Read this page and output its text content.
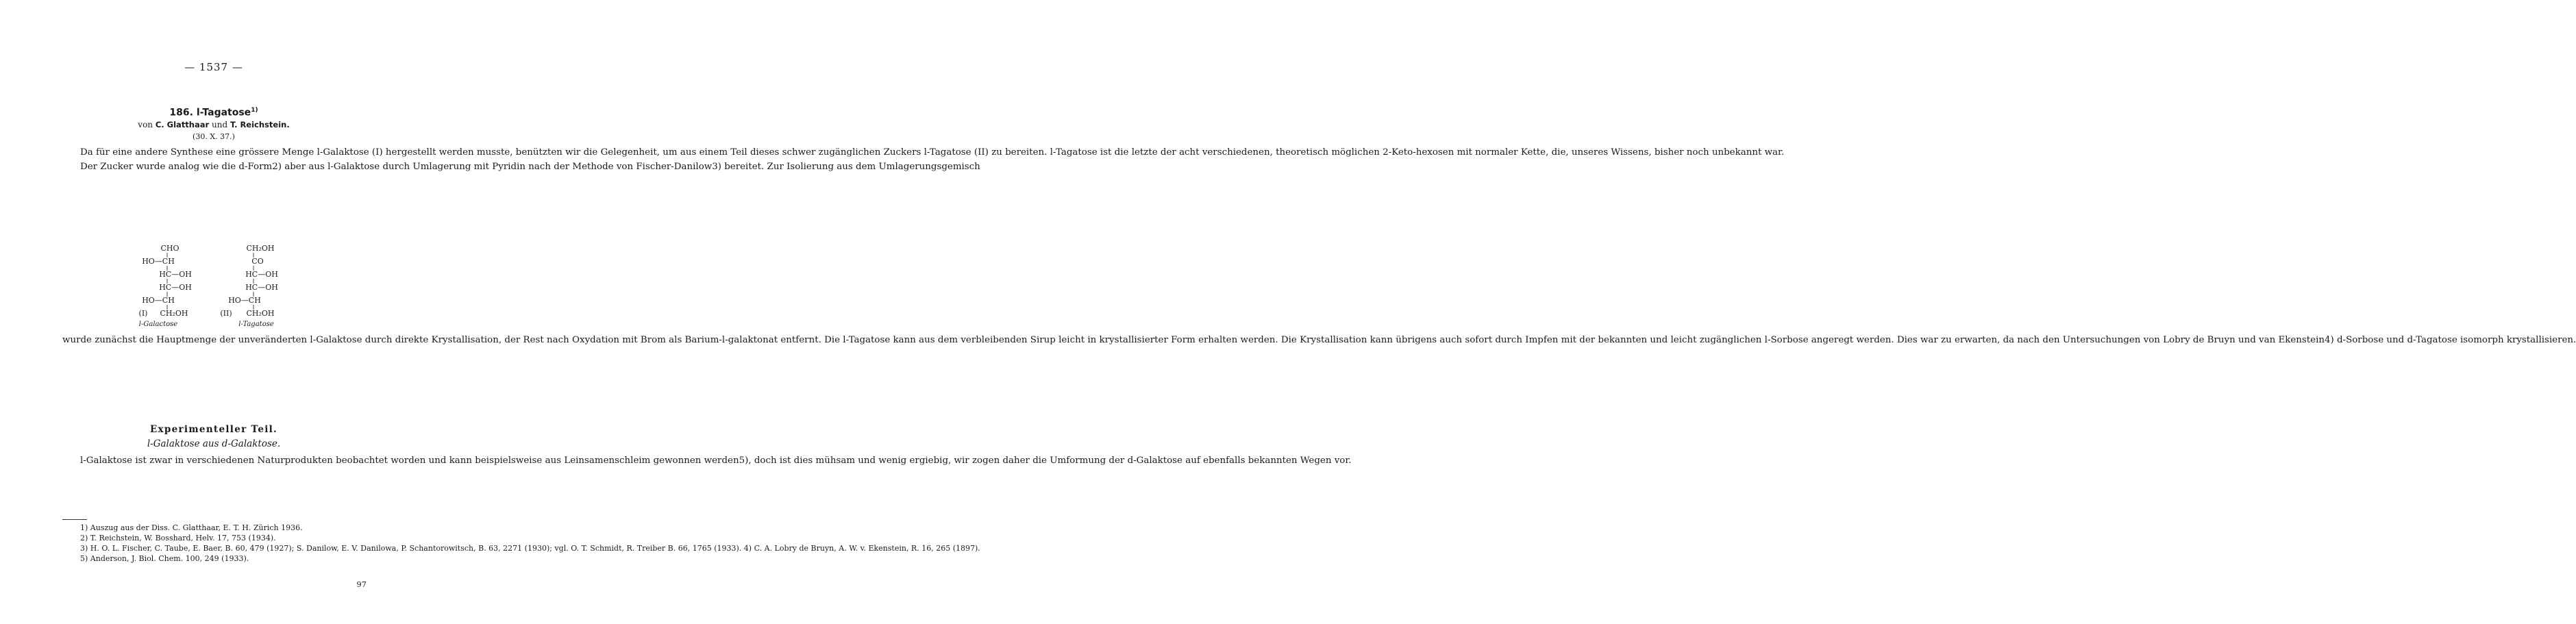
— 1537 —
186. l-Tagatose$^{1)}$
von C. Glatthaar und T. Reichstein.
(30. X. 37.)

Da für eine andere Synthese eine grössere Menge l-Galaktose (I) hergestellt werden musste, benützten wir die Gelegenheit, um aus einem Teil dieses schwer zugänglichen Zuckers l-Tagatose (II) zu bereiten. l-Tagatose ist die letzte der acht verschiedenen, theoretisch möglichen 2-Keto-hexosen mit normaler Kette, die, unseres Wissens, bisher noch unbekannt war.

Der Zucker wurde analog wie die d-Form2) aber aus l-Galaktose durch Umlagerung mit Pyridin nach der Methode von Fischer-Danilow3) bereitet. Zur Isolierung aus dem Umlagerungsgemisch

CHO
HO—CH
HC—OH
HC—OH
HO—CH
(I) CH₂OH
l-Galactose
CH₂OH
CO
HC—OH
HC—OH
HO—CH
(II) CH₂OH
l-Tagatose

wurde zunächst die Hauptmenge der unveränderten l-Galaktose durch direkte Krystallisation, der Rest nach Oxydation mit Brom als Barium-l-galaktonat entfernt. Die l-Tagatose kann aus dem verbleibenden Sirup leicht in krystallisierter Form erhalten werden. Die Krystallisation kann übrigens auch sofort durch Impfen mit der bekannten und leicht zugänglichen l-Sorbose angeregt werden. Dies war zu erwarten, da nach den Untersuchungen von Lobry de Bruyn und van Ekenstein4) d-Sorbose und d-Tagatose isomorph krystallisieren.

Experimenteller Teil.
l-Galaktose aus d-Galaktose.

l-Galaktose ist zwar in verschiedenen Naturprodukten beobachtet worden und kann beispielsweise aus Leinsamenschleim gewonnen werden5), doch ist dies mühsam und wenig ergiebig, wir zogen daher die Umformung der d-Galaktose auf ebenfalls bekannten Wegen vor.

1) Auszug aus der Diss. C. Glatthaar, E. T. H. Zürich 1936.

2) T. Reichstein, W. Bosshard, Helv. 17, 753 (1934).

3) H. O. L. Fischer, C. Taube, E. Baer, B. 60, 479 (1927); S. Danilow, E. V. Danilowa, P. Schantorowitsch, B. 63, 2271 (1930); vgl. O. T. Schmidt, R. Treiber B. 66, 1765 (1933). 4) C. A. Lobry de Bruyn, A. W. v. Ekenstein, R. 16, 265 (1897).

5) Anderson, J. Biol. Chem. 100, 249 (1933).

97
